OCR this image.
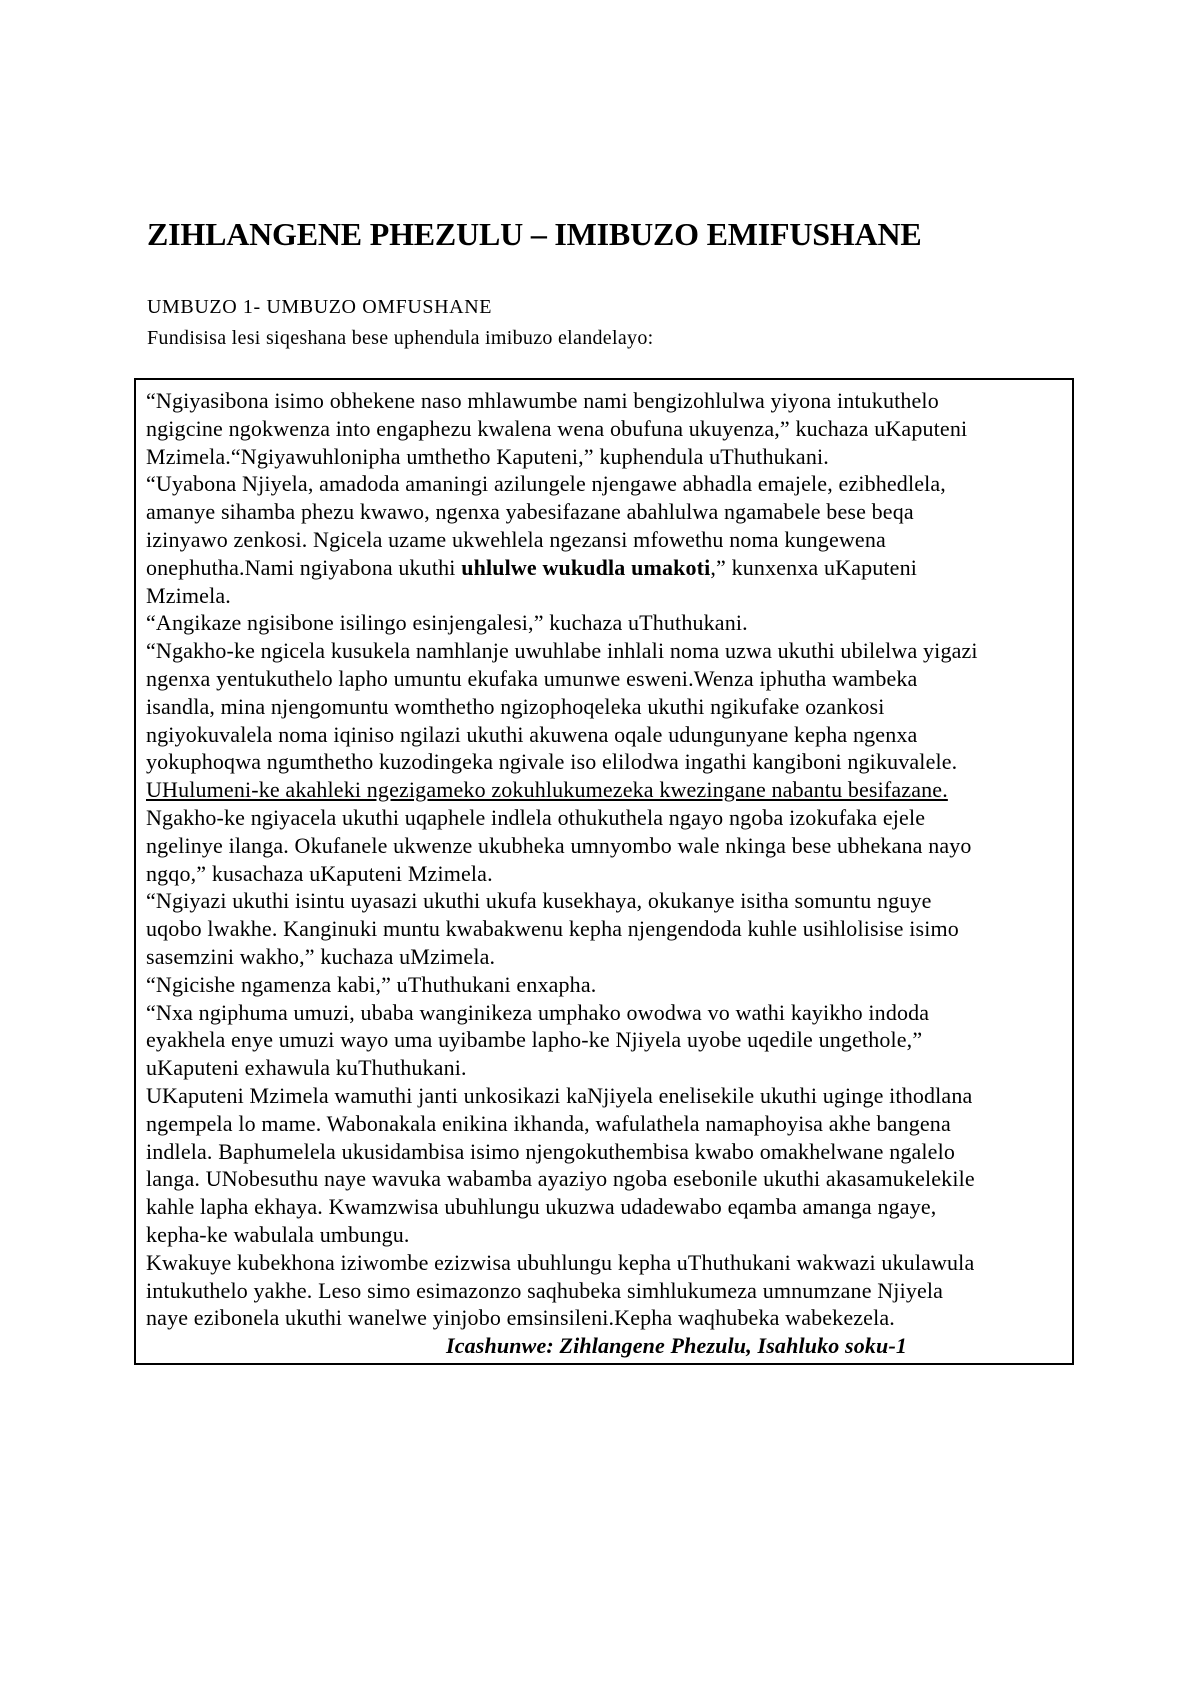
ZIHLANGENE PHEZULU – IMIBUZO EMIFUSHANE
UMBUZO 1- UMBUZO OMFUSHANE
Fundisisa lesi siqeshana bese uphendula imibuzo elandelayo:
“Ngiyasibona isimo obhekene naso mhlawumbe nami bengizohlulwa yiyona intukuthelo
ngigcine ngokwenza into engaphezu kwalena wena obufuna ukuyenza,” kuchaza uKaputeni
Mzimela.“Ngiyawuhlonipha umthetho Kaputeni,” kuphendula uThuthukani.
“Uyabona Njiyela, amadoda amaningi azilungele njengawe abhadla emajele, ezibhedlela,
amanye sihamba phezu kwawo, ngenxa yabesifazane abahlulwa ngamabele bese beqa
izinyawo zenkosi. Ngicela uzame ukwehlela ngezansi mfowethu noma kungewena
onephutha.Nami ngiyabona ukuthi uhlulwe wukudla umakoti,” kunxenxa uKaputeni
Mzimela.
“Angikaze ngisibone isilingo esinjengalesi,” kuchaza uThuthukani.
“Ngakho-ke ngicela kusukela namhlanje uwuhlabe inhlali noma uzwa ukuthi ubilelwa yigazi
ngenxa yentukuthelo lapho umuntu ekufaka umunwe esweni.Wenza iphutha wambeka
isandla, mina njengomuntu womthetho ngizophoqeleka ukuthi ngikufake ozankosi
ngiyokuvalela noma iqiniso ngilazi ukuthi akuwena oqale udungunyane kepha ngenxa
yokuphoqwa ngumthetho kuzodingeka ngivale iso elilodwa ingathi kangiboni ngikuvalele.
UHulumeni-ke akahleki ngezigameko zokuhlukumezeka kwezingane nabantu besifazane.
Ngakho-ke ngiyacela ukuthi uqaphele indlela othukuthela ngayo ngoba izokufaka ejele
ngelinye ilanga. Okufanele ukwenze ukubheka umnyombo wale nkinga bese ubhekana nayo
ngqo,” kusachaza uKaputeni Mzimela.
“Ngiyazi ukuthi isintu uyasazi ukuthi ukufa kusekhaya, okukanye isitha somuntu nguye
uqobo lwakhe. Kanginuki muntu kwabakwenu kepha njengendoda kuhle usihlolisise isimo
sasemzini wakho,” kuchaza uMzimela.
“Ngicishe ngamenza kabi,” uThuthukani enxapha.
“Nxa ngiphuma umuzi, ubaba wanginikeza umphako owodwa vo wathi kayikho indoda
eyakhela enye umuzi wayo uma uyibambe lapho-ke Njiyela uyobe uqedile ungethole,”
uKaputeni exhawula kuThuthukani.
UKaputeni Mzimela wamuthi janti unkosikazi kaNjiyela enelisekile ukuthi uginge ithodlana
ngempela lo mame. Wabonakala enikina ikhanda, wafulathela namaphoyisa akhe bangena
indlela. Baphumelela ukusidambisa isimo njengokuthembisa kwabo omakhelwane ngalelo
langa. UNobesuthu naye wavuka wabamba ayaziyo ngoba esebonile ukuthi akasamukelekile
kahle lapha ekhaya. Kwamzwisa ubuhlungu ukuzwa udadewabo eqamba amanga ngaye,
kepha-ke wabulala umbungu.
Kwakuye kubekhona iziwombe ezizwisa ubuhlungu kepha uThuthukani wakwazi ukulawula
intukuthelo yakhe. Leso simo esimazonzo saqhubeka simhlukumeza umnumzane Njiyela
naye ezibonela ukuthi wanelwe yinjobo emsinsileni.Kepha waqhubeka wabekezela.
Icashunwe: Zihlangene Phezulu, Isahluko soku-1
